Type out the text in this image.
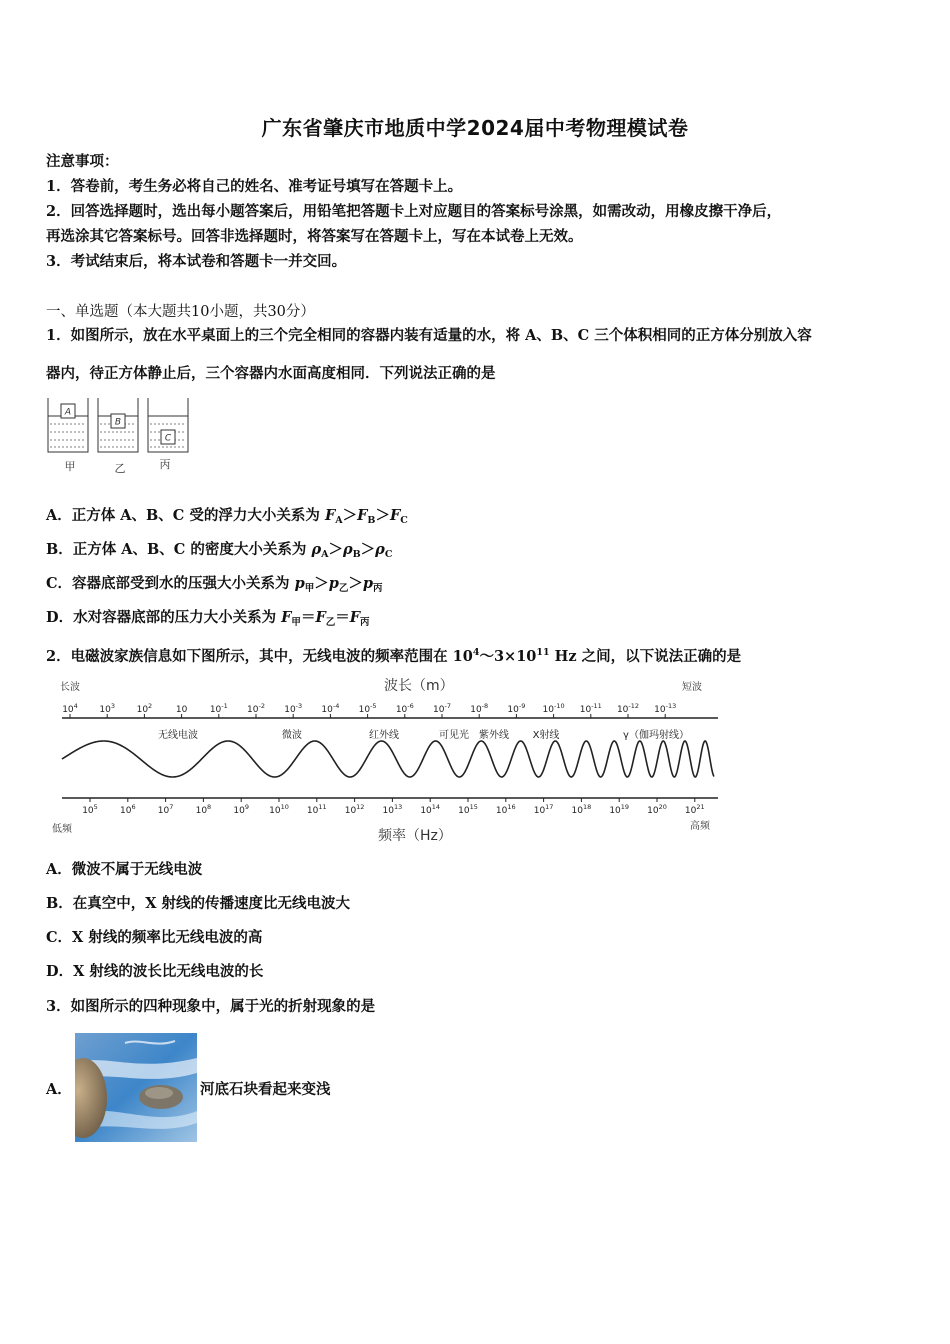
广东省肇庆市地质中学2024届中考物理模试卷
注意事项：
1．答卷前，考生务必将自己的姓名、准考证号填写在答题卡上。
2．回答选择题时，选出每小题答案后，用铅笔把答题卡上对应题目的答案标号涂黑，如需改动，用橡皮擦干净后，
再选涂其它答案标号。回答非选择题时，将答案写在答题卡上，写在本试卷上无效。
3．考试结束后，将本试卷和答题卡一并交回。
一、单选题（本大题共10小题，共30分）
1．如图所示，放在水平桌面上的三个完全相同的容器内装有适量的水，将 A、B、C 三个体积相同的正方体分别放入容
器内，待正方体静止后，三个容器内水面高度相同．下列说法正确的是
A
B
C
甲	乙	丙
A．正方体 A、B、C 受的浮力大小关系为 $F_A>F_B>F_C$
B．正方体 A、B、C 的密度大小关系为 $\rho_A>\rho_B>\rho_C$
C．容器底部受到水的压强大小关系为 $p_甲>p_乙>p_丙$
D．水对容器底部的压力大小关系为 $F_甲=F_乙=F_丙$
2．电磁波家族信息如下图所示，其中，无线电波的频率范围在 $10^4\sim 3\times 10^{11}$ Hz 之间，以下说法正确的是
长波	波长（m）	短波
$10^4$ $10^3$ $10^2$	10	$10^{-1}$ $10^{-2}$ $10^{-3}$ $10^{-4}$ $10^{-5}$ $10^{-6}$ $10^{-7}$ $10^{-8}$ $10^{-9}$ $10^{-10}$ $10^{-11}$ $10^{-12}$ $10^{-13}$
无线电波	微波	红外线	可见光 紫外线 X射线	γ（伽玛射线）
$10^5$ $10^6$ $10^7$ $10^8$ $10^9$ $10^{10}$ $10^{11}$ $10^{12}$ $10^{13}$ $10^{14}$ $10^{15}$ $10^{16}$ $10^{17}$ $10^{18}$ $10^{19}$ $10^{20}$ $10^{21}$
低频	频率（Hz）
高频
A．微波不属于无线电波
B．在真空中，X 射线的传播速度比无线电波大
C．X 射线的频率比无线电波的高
D．X 射线的波长比无线电波的长
3．如图所示的四种现象中，属于光的折射现象的是
A．	河底石块看起来变浅
